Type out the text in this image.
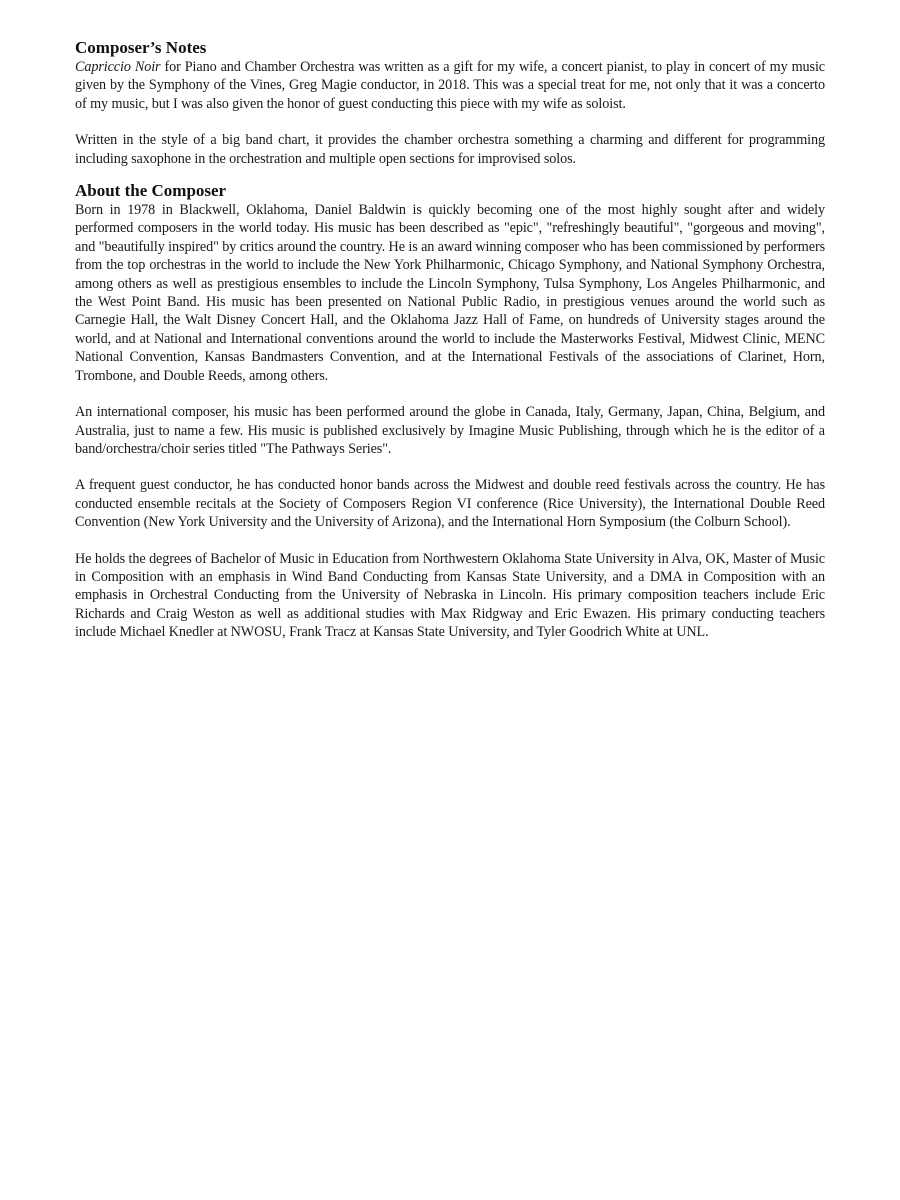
Composer’s Notes

Capriccio Noir for Piano and Chamber Orchestra was written as a gift for my wife, a concert pianist, to play in concert of my music given by the Symphony of the Vines, Greg Magie conductor, in 2018. This was a special treat for me, not only that it was a concerto of my music, but I was also given the honor of guest conducting this piece with my wife as soloist.

Written in the style of a big band chart, it provides the chamber orchestra something a charming and different for programming including saxophone in the orchestration and multiple open sections for improvised solos.

About the Composer

Born in 1978 in Blackwell, Oklahoma, Daniel Baldwin is quickly becoming one of the most highly sought after and widely performed composers in the world today. His music has been described as "epic", "refreshingly beautiful", "gorgeous and moving", and "beautifully inspired" by critics around the country. He is an award winning composer who has been commissioned by performers from the top orchestras in the world to include the New York Philharmonic, Chicago Symphony, and National Symphony Orchestra, among others as well as prestigious ensembles to include the Lincoln Symphony, Tulsa Symphony, Los Angeles Philharmonic, and the West Point Band. His music has been presented on National Public Radio, in prestigious venues around the world such as Carnegie Hall, the Walt Disney Concert Hall, and the Oklahoma Jazz Hall of Fame, on hundreds of University stages around the world, and at National and International conventions around the world to include the Masterworks Festival, Midwest Clinic, MENC National Convention, Kansas Bandmasters Convention, and at the International Festivals of the associations of Clarinet, Horn, Trombone, and Double Reeds, among others.

An international composer, his music has been performed around the globe in Canada, Italy, Germany, Japan, China, Belgium, and Australia, just to name a few. His music is published exclusively by Imagine Music Publishing, through which he is the editor of a band/orchestra/choir series titled "The Pathways Series".

A frequent guest conductor, he has conducted honor bands across the Midwest and double reed festivals across the country. He has conducted ensemble recitals at the Society of Composers Region VI conference (Rice University), the International Double Reed Convention (New York University and the University of Arizona), and the International Horn Symposium (the Colburn School).

He holds the degrees of Bachelor of Music in Education from Northwestern Oklahoma State University in Alva, OK, Master of Music in Composition with an emphasis in Wind Band Conducting from Kansas State University, and a DMA in Composition with an emphasis in Orchestral Conducting from the University of Nebraska in Lincoln. His primary composition teachers include Eric Richards and Craig Weston as well as additional studies with Max Ridgway and Eric Ewazen. His primary conducting teachers include Michael Knedler at NWOSU, Frank Tracz at Kansas State University, and Tyler Goodrich White at UNL.
